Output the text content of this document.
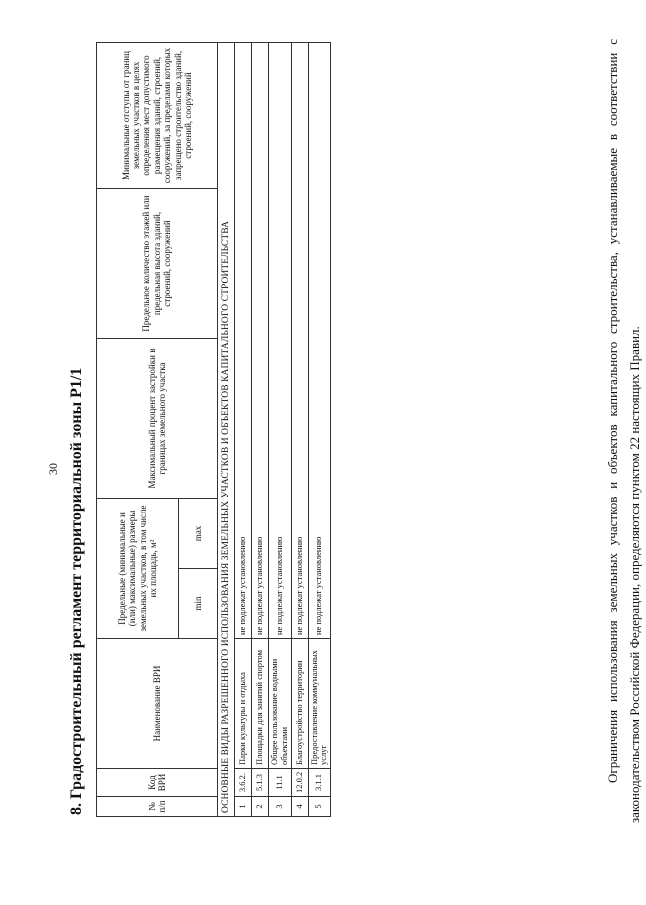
30 8. Градостроительный регламент территориальной зоны Р1/1	№ п/п	Код ВРИ	Наименование ВРИ	Предельные (минимальные и (или) максимальные) размеры земельных участков, в том числе их площадь, м²		Максимальный процент застройки в границах земельного участка	Предельное количество этажей или предельная высота зданий, строений, сооружений	Минимальные отступы от границ земельных участков в целях определения мест допустимого размещения зданий, строений, сооружений, за пределами которых запрещено строительство зданий, строений, сооружений
			min	max			
ОСНОВНЫЕ ВИДЫ РАЗРЕШЕННОГО ИСПОЛЬЗОВАНИЯ ЗЕМЕЛЬНЫХ УЧАСТКОВ И ОБЪЕКТОВ КАПИТАЛЬНОГО СТРОИТЕЛЬСТВА							
1	3.6.2.	Парки культуры и отдыха	не подлежат установлению				
2	5.1.3	Площадки для занятий спортом	не подлежат установлению				
3	11.1	Общее пользование водными объектами	не подлежат установлению				
4	12.0.2	Благоустройство территории	не подлежат установлению				
5	3.1.1	Предоставление коммунальных услуг	не подлежат установлению					Ограничения использования земельных участков и объектов капитального строительства, устанавливаемые в соответствии с законодательством Российской Федерации, определяются пунктом 22 настоящих Правил.
